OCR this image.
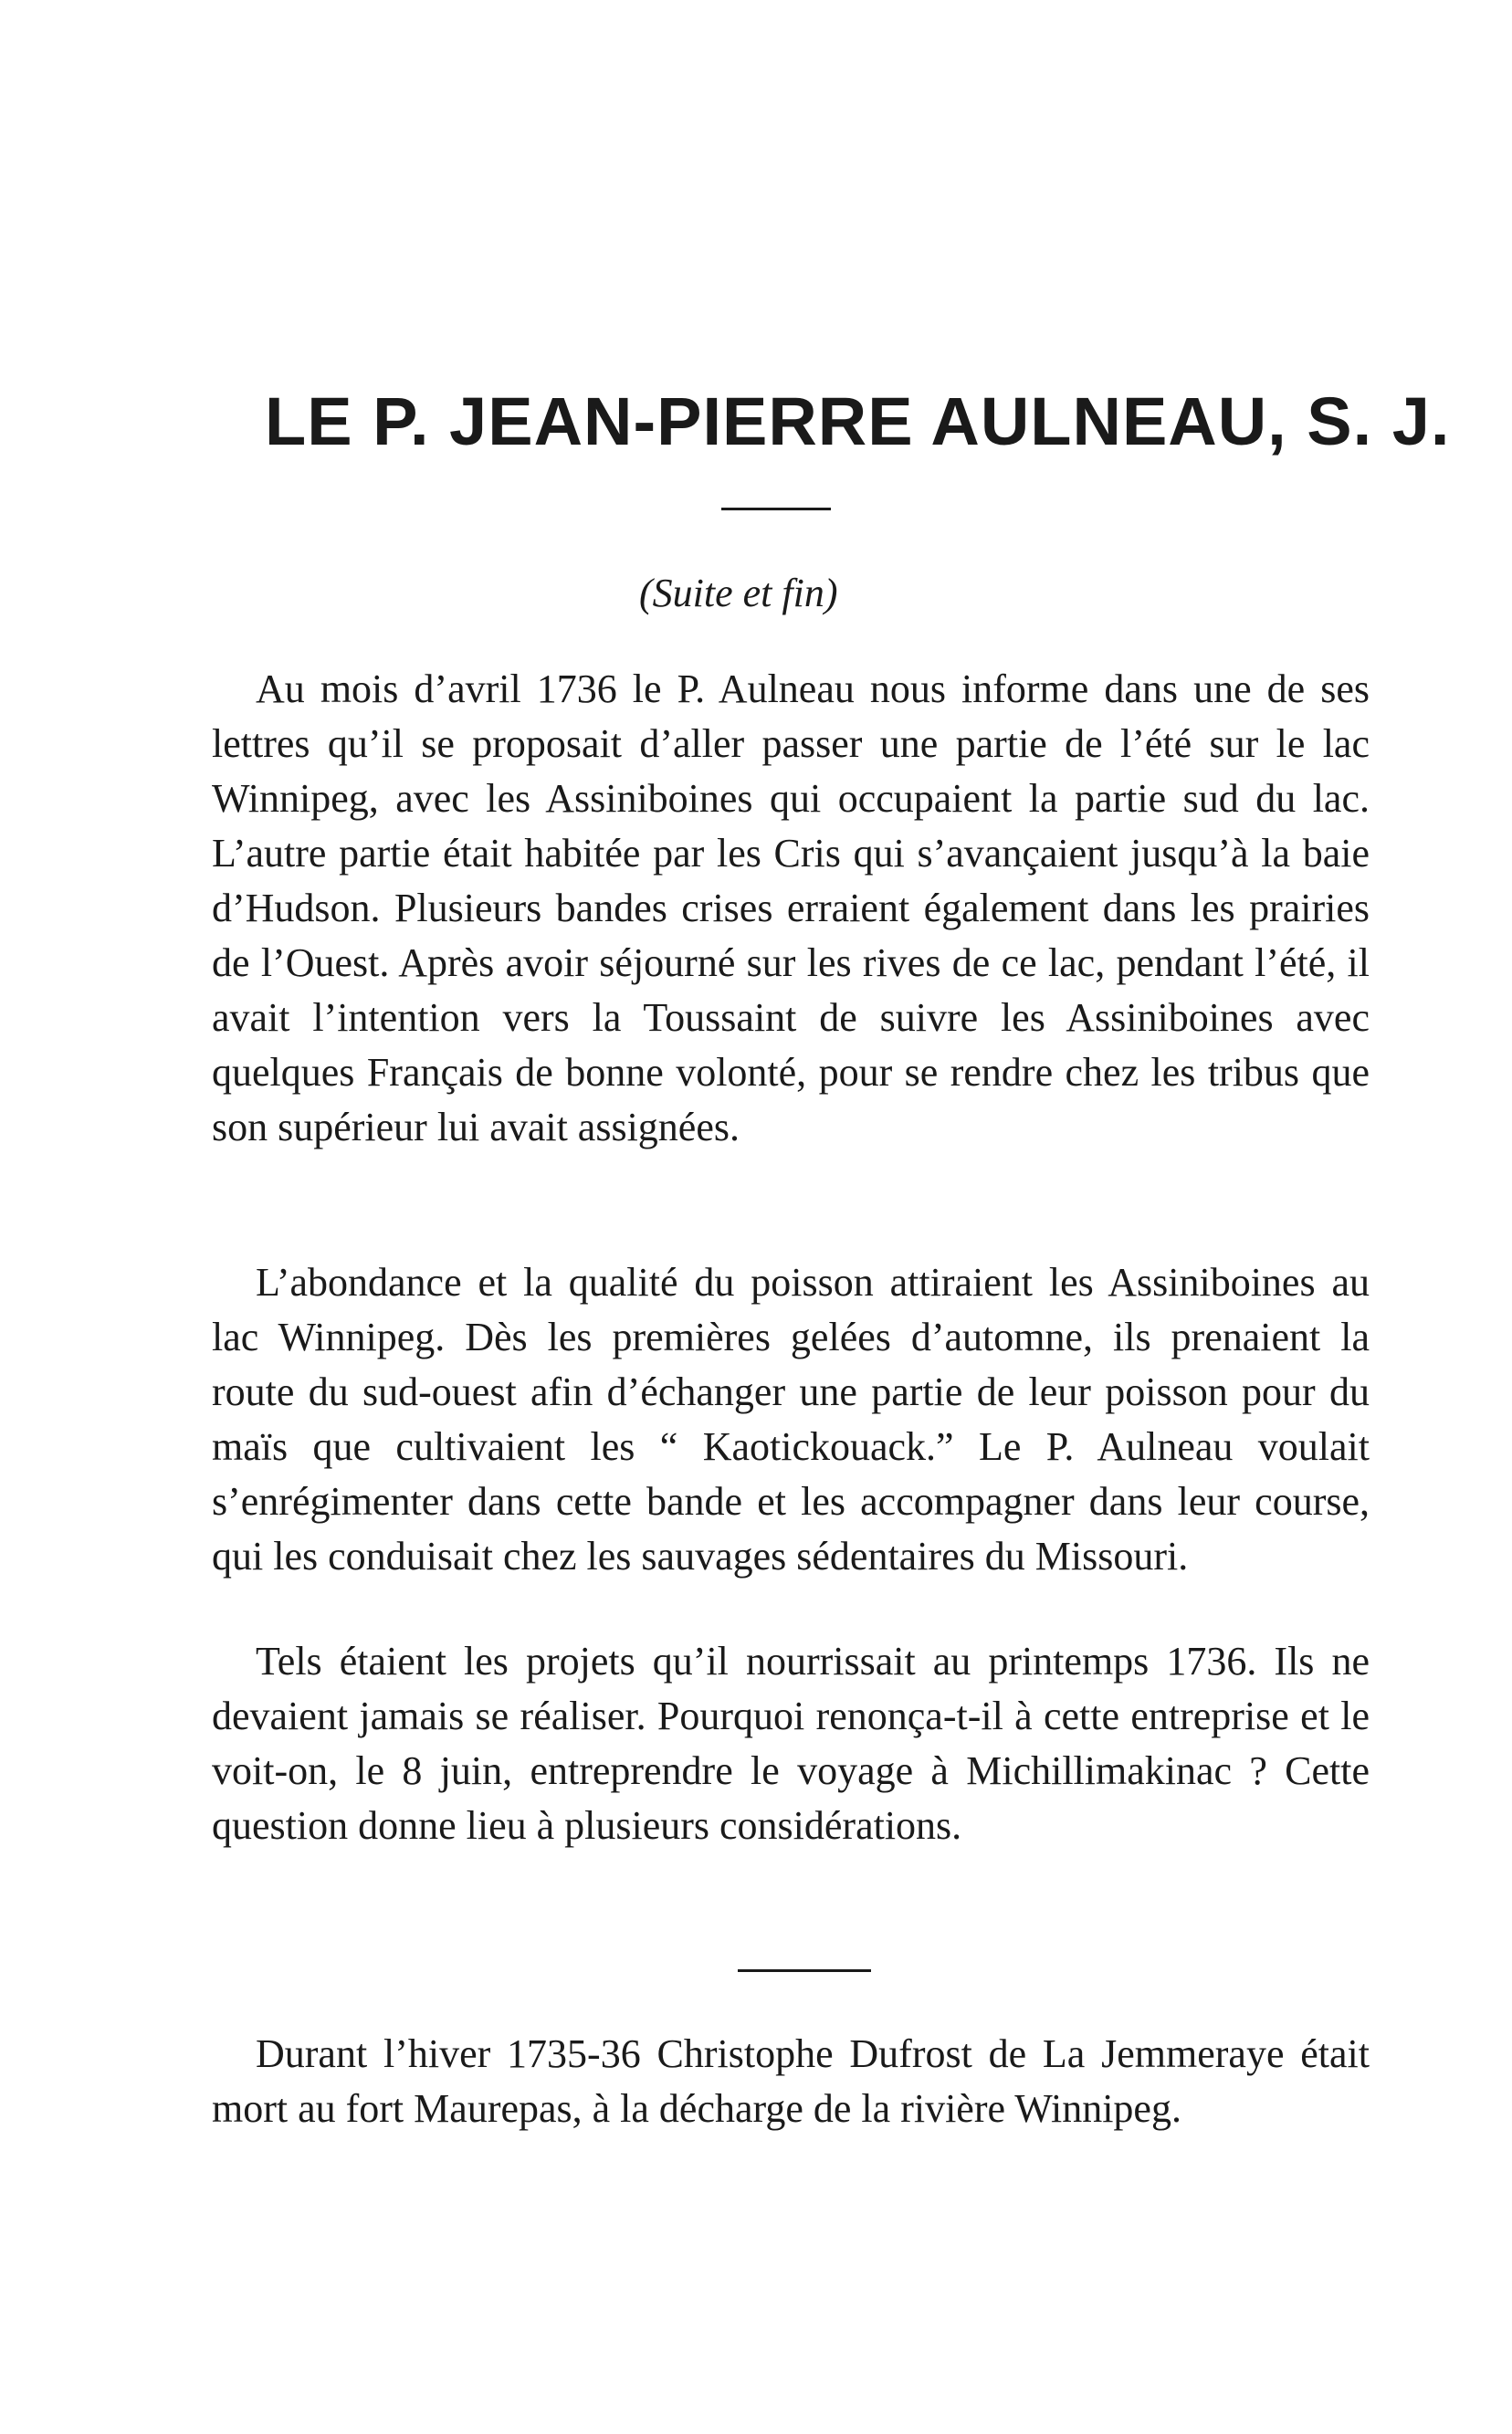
LE P. JEAN-PIERRE AULNEAU, S. J.

(Suite et fin)

Au mois d’avril 1736 le P. Aulneau nous informe dans une de ses lettres qu’il se proposait d’aller passer une partie de l’été sur le lac Winnipeg, avec les Assiniboines qui occupaient la partie sud du lac. L’autre partie était habitée par les Cris qui s’avançaient jusqu’à la baie d’Hudson. Plusieurs bandes crises erraient également dans les prairies de l’Ouest. Après avoir séjourné sur les rives de ce lac, pendant l’été, il avait l’intention vers la Toussaint de suivre les Assiniboines avec quelques Français de bonne volonté, pour se rendre chez les tribus que son supérieur lui avait assignées.

L’abondance et la qualité du poisson attiraient les Assiniboines au lac Winnipeg. Dès les premières gelées d’automne, ils prenaient la route du sud-ouest afin d’échanger une partie de leur poisson pour du maïs que cultivaient les “ Kaotickouack.” Le P. Aulneau voulait s’enrégimenter dans cette bande et les accompagner dans leur course, qui les conduisait chez les sauvages sédentaires du Missouri.

Tels étaient les projets qu’il nourrissait au printemps 1736. Ils ne devaient jamais se réaliser. Pourquoi renonça-t-il à cette entreprise et le voit-on, le 8 juin, entreprendre le voyage à Michillimakinac ? Cette question donne lieu à plusieurs considérations.

Durant l’hiver 1735-36 Christophe Dufrost de La Jemmeraye était mort au fort Maurepas, à la décharge de la rivière Winnipeg.
